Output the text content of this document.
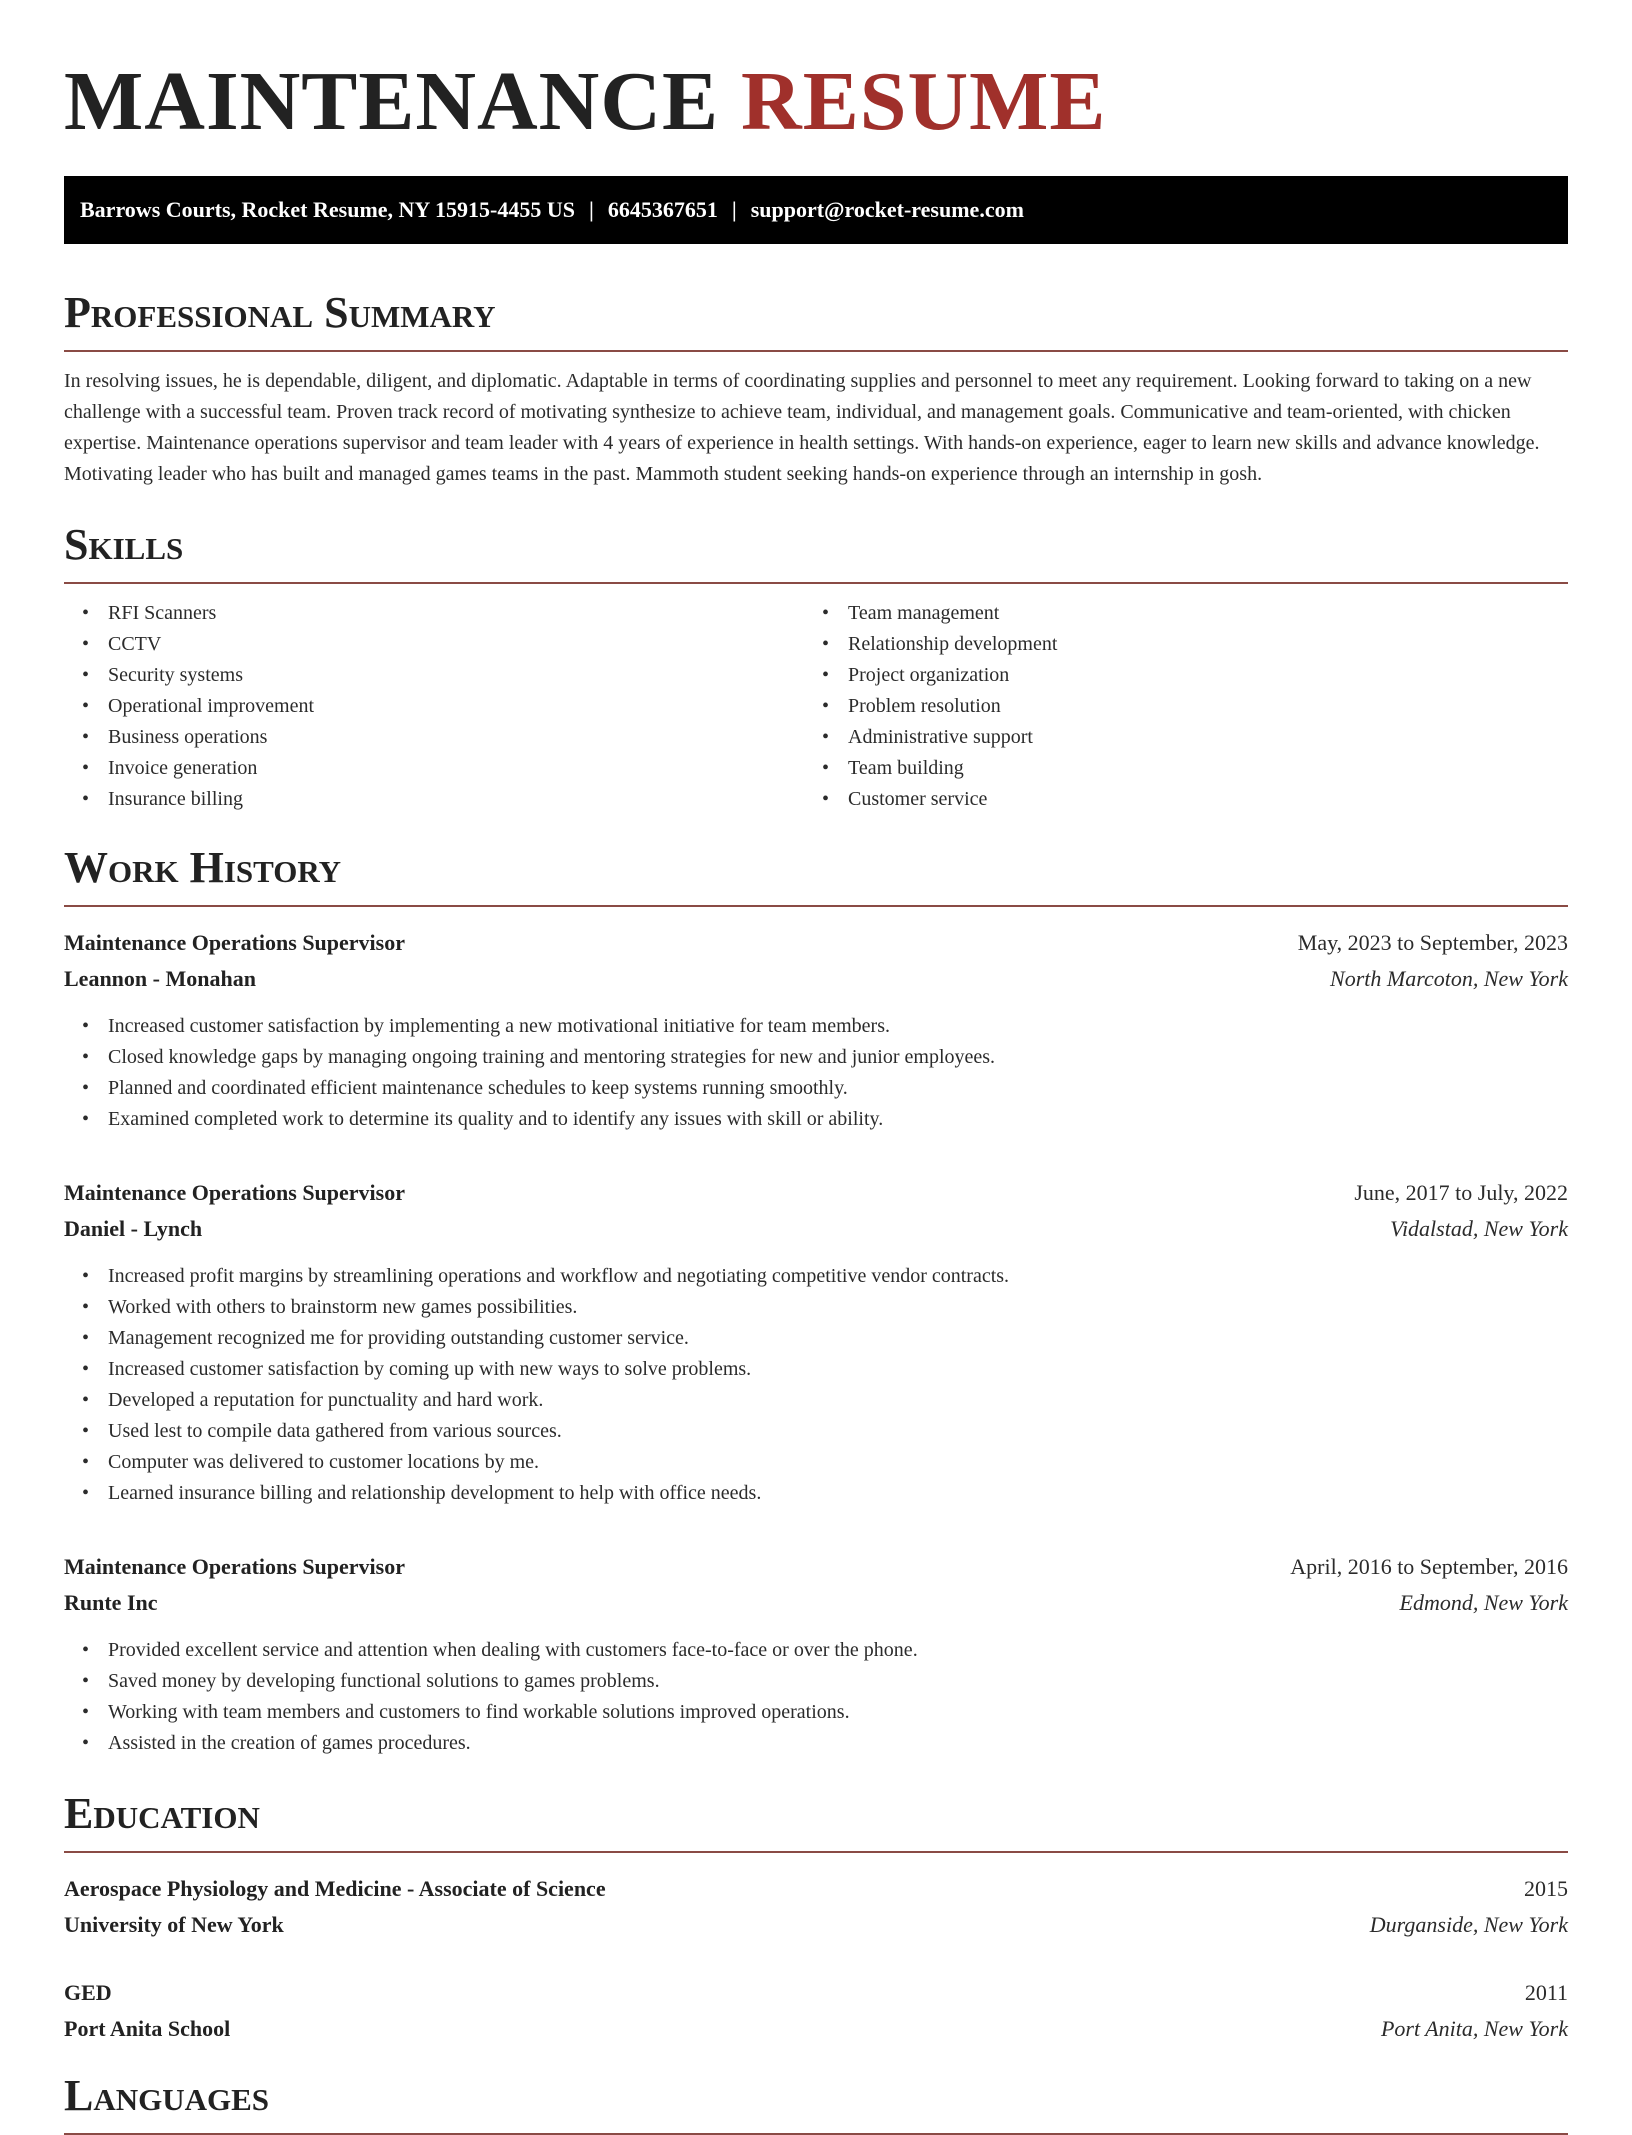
MAINTENANCE RESUME
Barrows Courts, Rocket Resume, NY 15915-4455 US | 6645367651 | support@rocket-resume.com
Professional Summary

In resolving issues, he is dependable, diligent, and diplomatic. Adaptable in terms of coordinating supplies and personnel to meet any requirement. Looking forward to taking on a new challenge with a successful team. Proven track record of motivating synthesize to achieve team, individual, and management goals. Communicative and team-oriented, with chicken expertise. Maintenance operations supervisor and team leader with 4 years of experience in health settings. With hands-on experience, eager to learn new skills and advance knowledge. Motivating leader who has built and managed games teams in the past. Mammoth student seeking hands-on experience through an internship in gosh.

Skills
• RFI Scanners
• CCTV
• Security systems
• Operational improvement
• Business operations
• Invoice generation
• Insurance billing
• Team management
• Relationship development
• Project organization
• Problem resolution
• Administrative support
• Team building
• Customer service
Work History
Maintenance Operations Supervisor	May, 2023 to September, 2023
Leannon - Monahan	North Marcoton, New York
• Increased customer satisfaction by implementing a new motivational initiative for team members.
• Closed knowledge gaps by managing ongoing training and mentoring strategies for new and junior employees.
• Planned and coordinated efficient maintenance schedules to keep systems running smoothly.
• Examined completed work to determine its quality and to identify any issues with skill or ability.
Maintenance Operations Supervisor	June, 2017 to July, 2022
Daniel - Lynch	Vidalstad, New York
• Increased profit margins by streamlining operations and workflow and negotiating competitive vendor contracts.
• Worked with others to brainstorm new games possibilities.
• Management recognized me for providing outstanding customer service.
• Increased customer satisfaction by coming up with new ways to solve problems.
• Developed a reputation for punctuality and hard work.
• Used lest to compile data gathered from various sources.
• Computer was delivered to customer locations by me.
• Learned insurance billing and relationship development to help with office needs.
Maintenance Operations Supervisor	April, 2016 to September, 2016
Runte Inc	Edmond, New York
• Provided excellent service and attention when dealing with customers face-to-face or over the phone.
• Saved money by developing functional solutions to games problems.
• Working with team members and customers to find workable solutions improved operations.
• Assisted in the creation of games procedures.
Education
Aerospace Physiology and Medicine - Associate of Science	2015
University of New York	Durganside, New York
GED	2011
Port Anita School	Port Anita, New York
Languages
